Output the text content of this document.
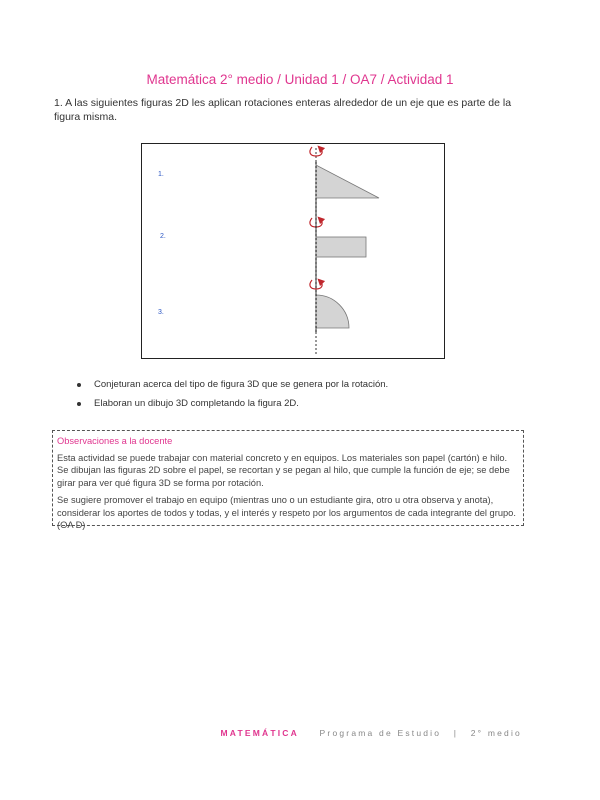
Matemática 2° medio / Unidad 1 / OA7 / Actividad 1
1. A las siguientes figuras 2D les aplican rotaciones enteras alrededor de un eje que es parte de la figura misma.
1.
2.
3.
Conjeturan acerca del tipo de figura 3D que se genera por la rotación.
Elaboran un dibujo 3D completando la figura 2D.
Observaciones a la docente

Esta actividad se puede trabajar con material concreto y en equipos. Los materiales son papel (cartón) e hilo. Se dibujan las figuras 2D sobre el papel, se recortan y se pegan al hilo, que cumple la función de eje; se debe girar para ver qué figura 3D se forma por rotación.

Se sugiere promover el trabajo en equipo (mientras uno o un estudiante gira, otro u otra observa y anota), considerar los aportes de todos y todas, y el interés y respeto por los argumentos de cada integrante del grupo. (OA D)

MATEMÁTICA Programa de Estudio | 2° medio
